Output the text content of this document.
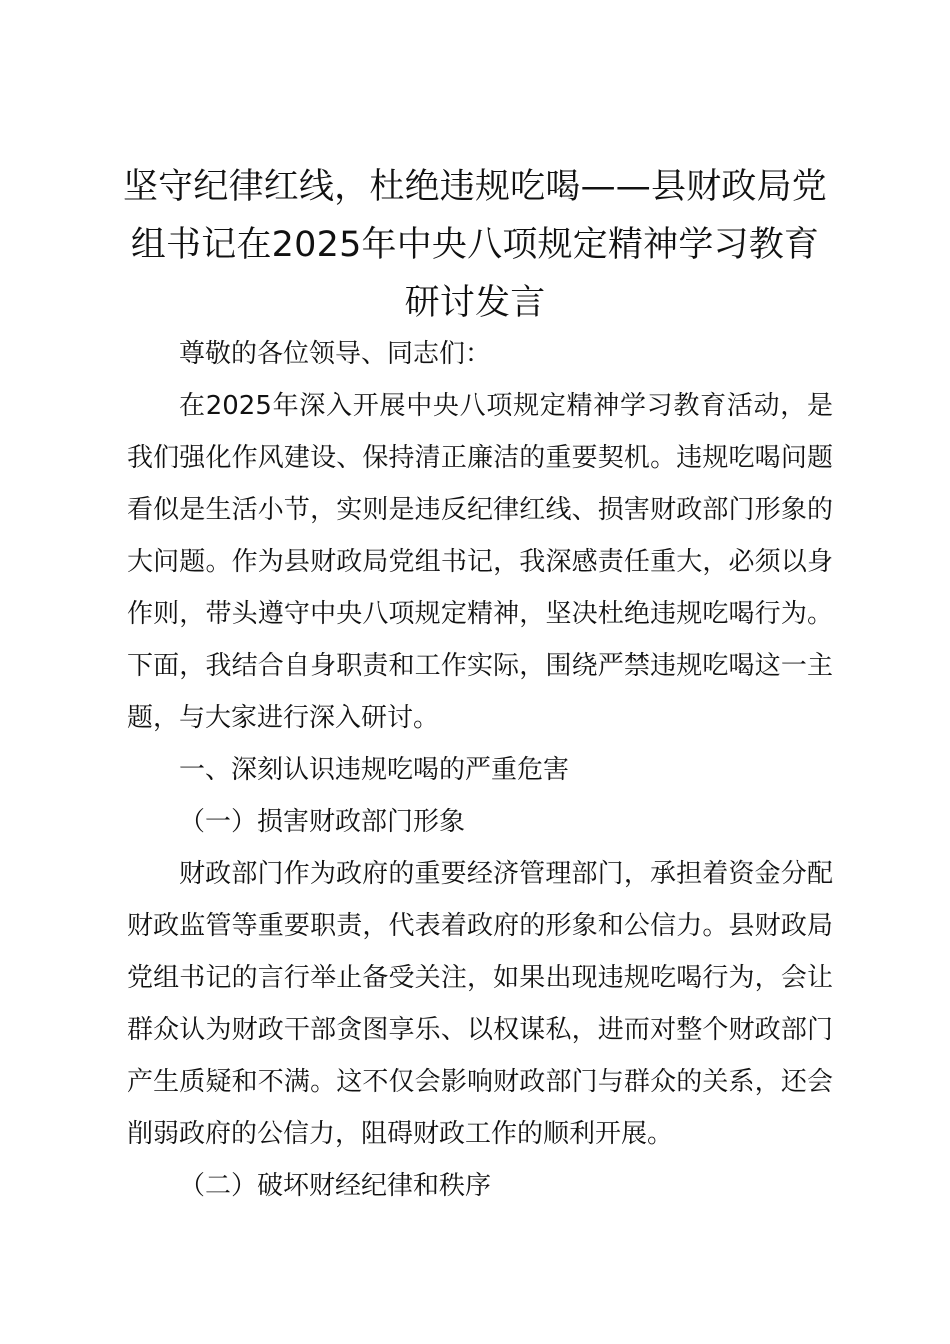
坚守纪律红线，杜绝违规吃喝——县财政局党组书记在2025年中央八项规定精神学习教育研讨发言

尊敬的各位领导、同志们：

在2025年深入开展中央八项规定精神学习教育活动，是我们强化作风建设、保持清正廉洁的重要契机。违规吃喝问题看似是生活小节，实则是违反纪律红线、损害财政部门形象的大问题。作为县财政局党组书记，我深感责任重大，必须以身作则，带头遵守中央八项规定精神，坚决杜绝违规吃喝行为。下面，我结合自身职责和工作实际，围绕严禁违规吃喝这一主题，与大家进行深入研讨。

一、深刻认识违规吃喝的严重危害

（一）损害财政部门形象

财政部门作为政府的重要经济管理部门，承担着资金分配财政监管等重要职责，代表着政府的形象和公信力。县财政局党组书记的言行举止备受关注，如果出现违规吃喝行为，会让群众认为财政干部贪图享乐、以权谋私，进而对整个财政部门产生质疑和不满。这不仅会影响财政部门与群众的关系，还会削弱政府的公信力，阻碍财政工作的顺利开展。

（二）破坏财经纪律和秩序
